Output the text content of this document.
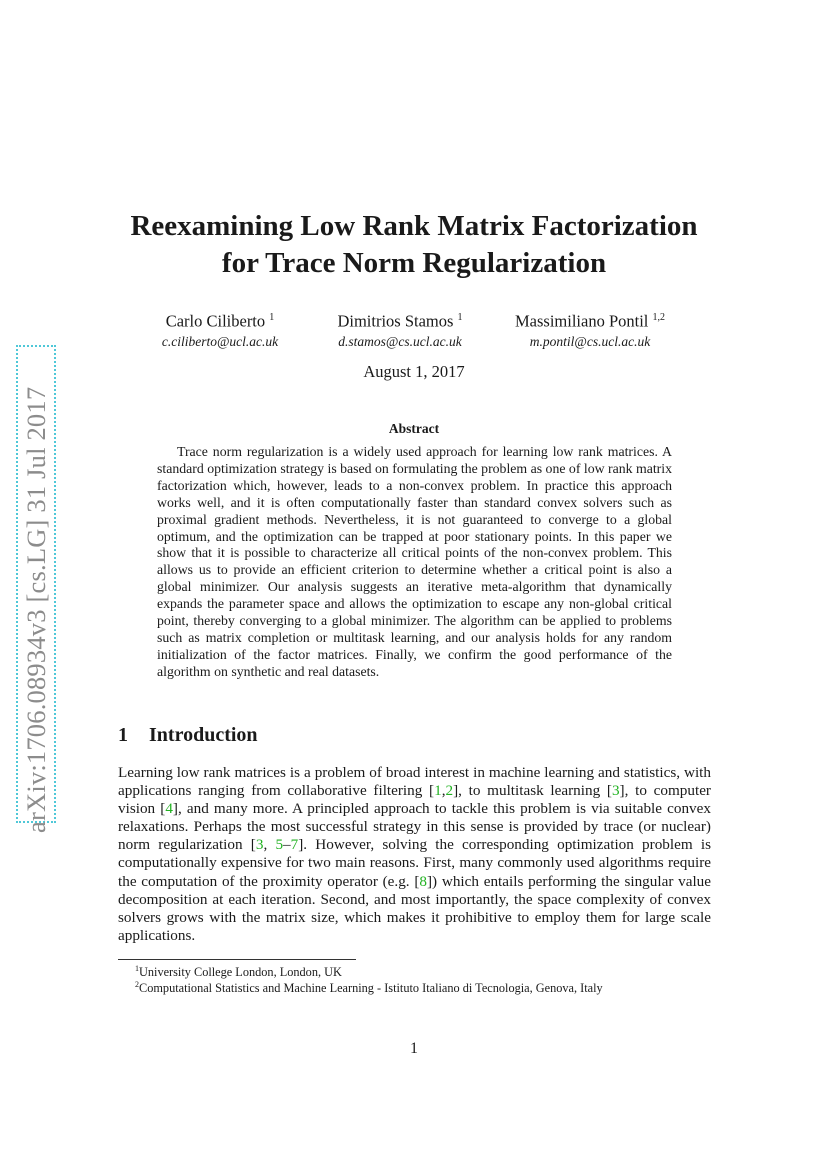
arXiv:1706.08934v3 [cs.LG] 31 Jul 2017
Reexamining Low Rank Matrix Factorization
for Trace Norm Regularization
Carlo Ciliberto $^1$
c.ciliberto@ucl.ac.uk
Dimitrios Stamos $^1$
d.stamos@cs.ucl.ac.uk
Massimiliano Pontil $^{1,2}$
m.pontil@cs.ucl.ac.uk
August 1, 2017
Abstract

Trace norm regularization is a widely used approach for learning low rank matrices. A standard optimization strategy is based on formulating the problem as one of low rank matrix factorization which, however, leads to a non-convex problem. In practice this approach works well, and it is often computationally faster than standard convex solvers such as proximal gradient methods. Nevertheless, it is not guaranteed to converge to a global optimum, and the optimization can be trapped at poor stationary points. In this paper we show that it is possible to characterize all critical points of the non-convex problem. This allows us to provide an efficient criterion to determine whether a critical point is also a global minimizer. Our analysis suggests an iterative meta-algorithm that dynamically expands the parameter space and allows the optimization to escape any non-global critical point, thereby converging to a global minimizer. The algorithm can be applied to problems such as matrix completion or multitask learning, and our analysis holds for any random initialization of the factor matrices. Finally, we confirm the good performance of the algorithm on synthetic and real datasets.

1 Introduction

Learning low rank matrices is a problem of broad interest in machine learning and statistics, with applications ranging from collaborative filtering [1,2], to multitask learning [3], to computer vision [4], and many more. A principled approach to tackle this problem is via suitable convex relaxations. Perhaps the most successful strategy in this sense is provided by trace (or nuclear) norm regularization [3, 5–7]. However, solving the corresponding optimization problem is computationally expensive for two main reasons. First, many commonly used algorithms require the computation of the proximity operator (e.g. [8]) which entails performing the singular value decomposition at each iteration. Second, and most importantly, the space complexity of convex solvers grows with the matrix size, which makes it prohibitive to employ them for large scale applications.

$^1$University College London, London, UK
$^2$Computational Statistics and Machine Learning - Istituto Italiano di Tecnologia, Genova, Italy
1
